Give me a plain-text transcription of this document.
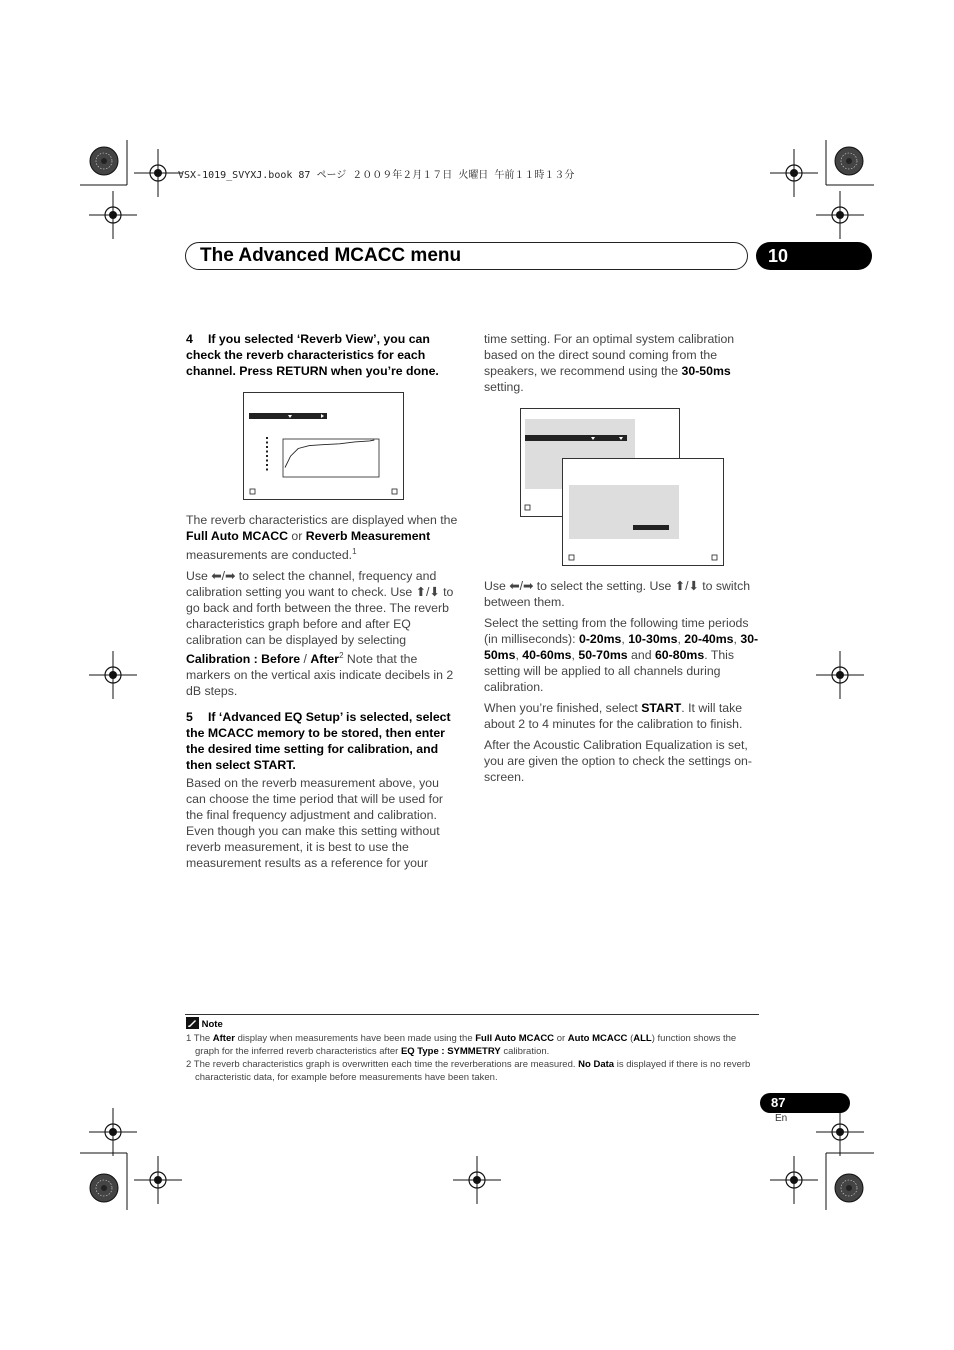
VSX-1019_SVYXJ.book 87 ページ ２００９年２月１７日 火曜日 午前１１時１３分
The Advanced MCACC menu	10

4 If you selected ‘Reverb View’, you can check the reverb characteristics for each channel. Press RETURN when you’re done.

The reverb characteristics are displayed when the Full Auto MCACC or Reverb Measurement measurements are conducted.$^1$

Use ⬅/➡ to select the channel, frequency and calibration setting you want to check. Use ⬆/⬇ to go back and forth between the three. The reverb characteristics graph before and after EQ calibration can be displayed by selecting Calibration : Before / After$^2$ Note that the markers on the vertical axis indicate decibels in 2 dB steps.

5 If ‘Advanced EQ Setup’ is selected, select the MCACC memory to be stored, then enter the desired time setting for calibration, and then select START.

Based on the reverb measurement above, you can choose the time period that will be used for the final frequency adjustment and calibration. Even though you can make this setting without reverb measurement, it is best to use the measurement results as a reference for your

time setting. For an optimal system calibration based on the direct sound coming from the speakers, we recommend using the 30-50ms setting.

Use ⬅/➡ to select the setting. Use ⬆/⬇ to switch between them.

Select the setting from the following time periods (in milliseconds): 0-20ms, 10-30ms, 20-40ms, 30-50ms, 40-60ms, 50-70ms and 60-80ms. This setting will be applied to all channels during calibration.

When you’re finished, select START. It will take about 2 to 4 minutes for the calibration to finish.

After the Acoustic Calibration Equalization is set, you are given the option to check the settings on-screen.

Note

1 The After display when measurements have been made using the Full Auto MCACC or Auto MCACC (ALL) function shows the graph for the inferred reverb characteristics after EQ Type : SYMMETRY calibration.

2 The reverb characteristics graph is overwritten each time the reverberations are measured. No Data is displayed if there is no reverb characteristic data, for example before measurements have been taken.

87
En
